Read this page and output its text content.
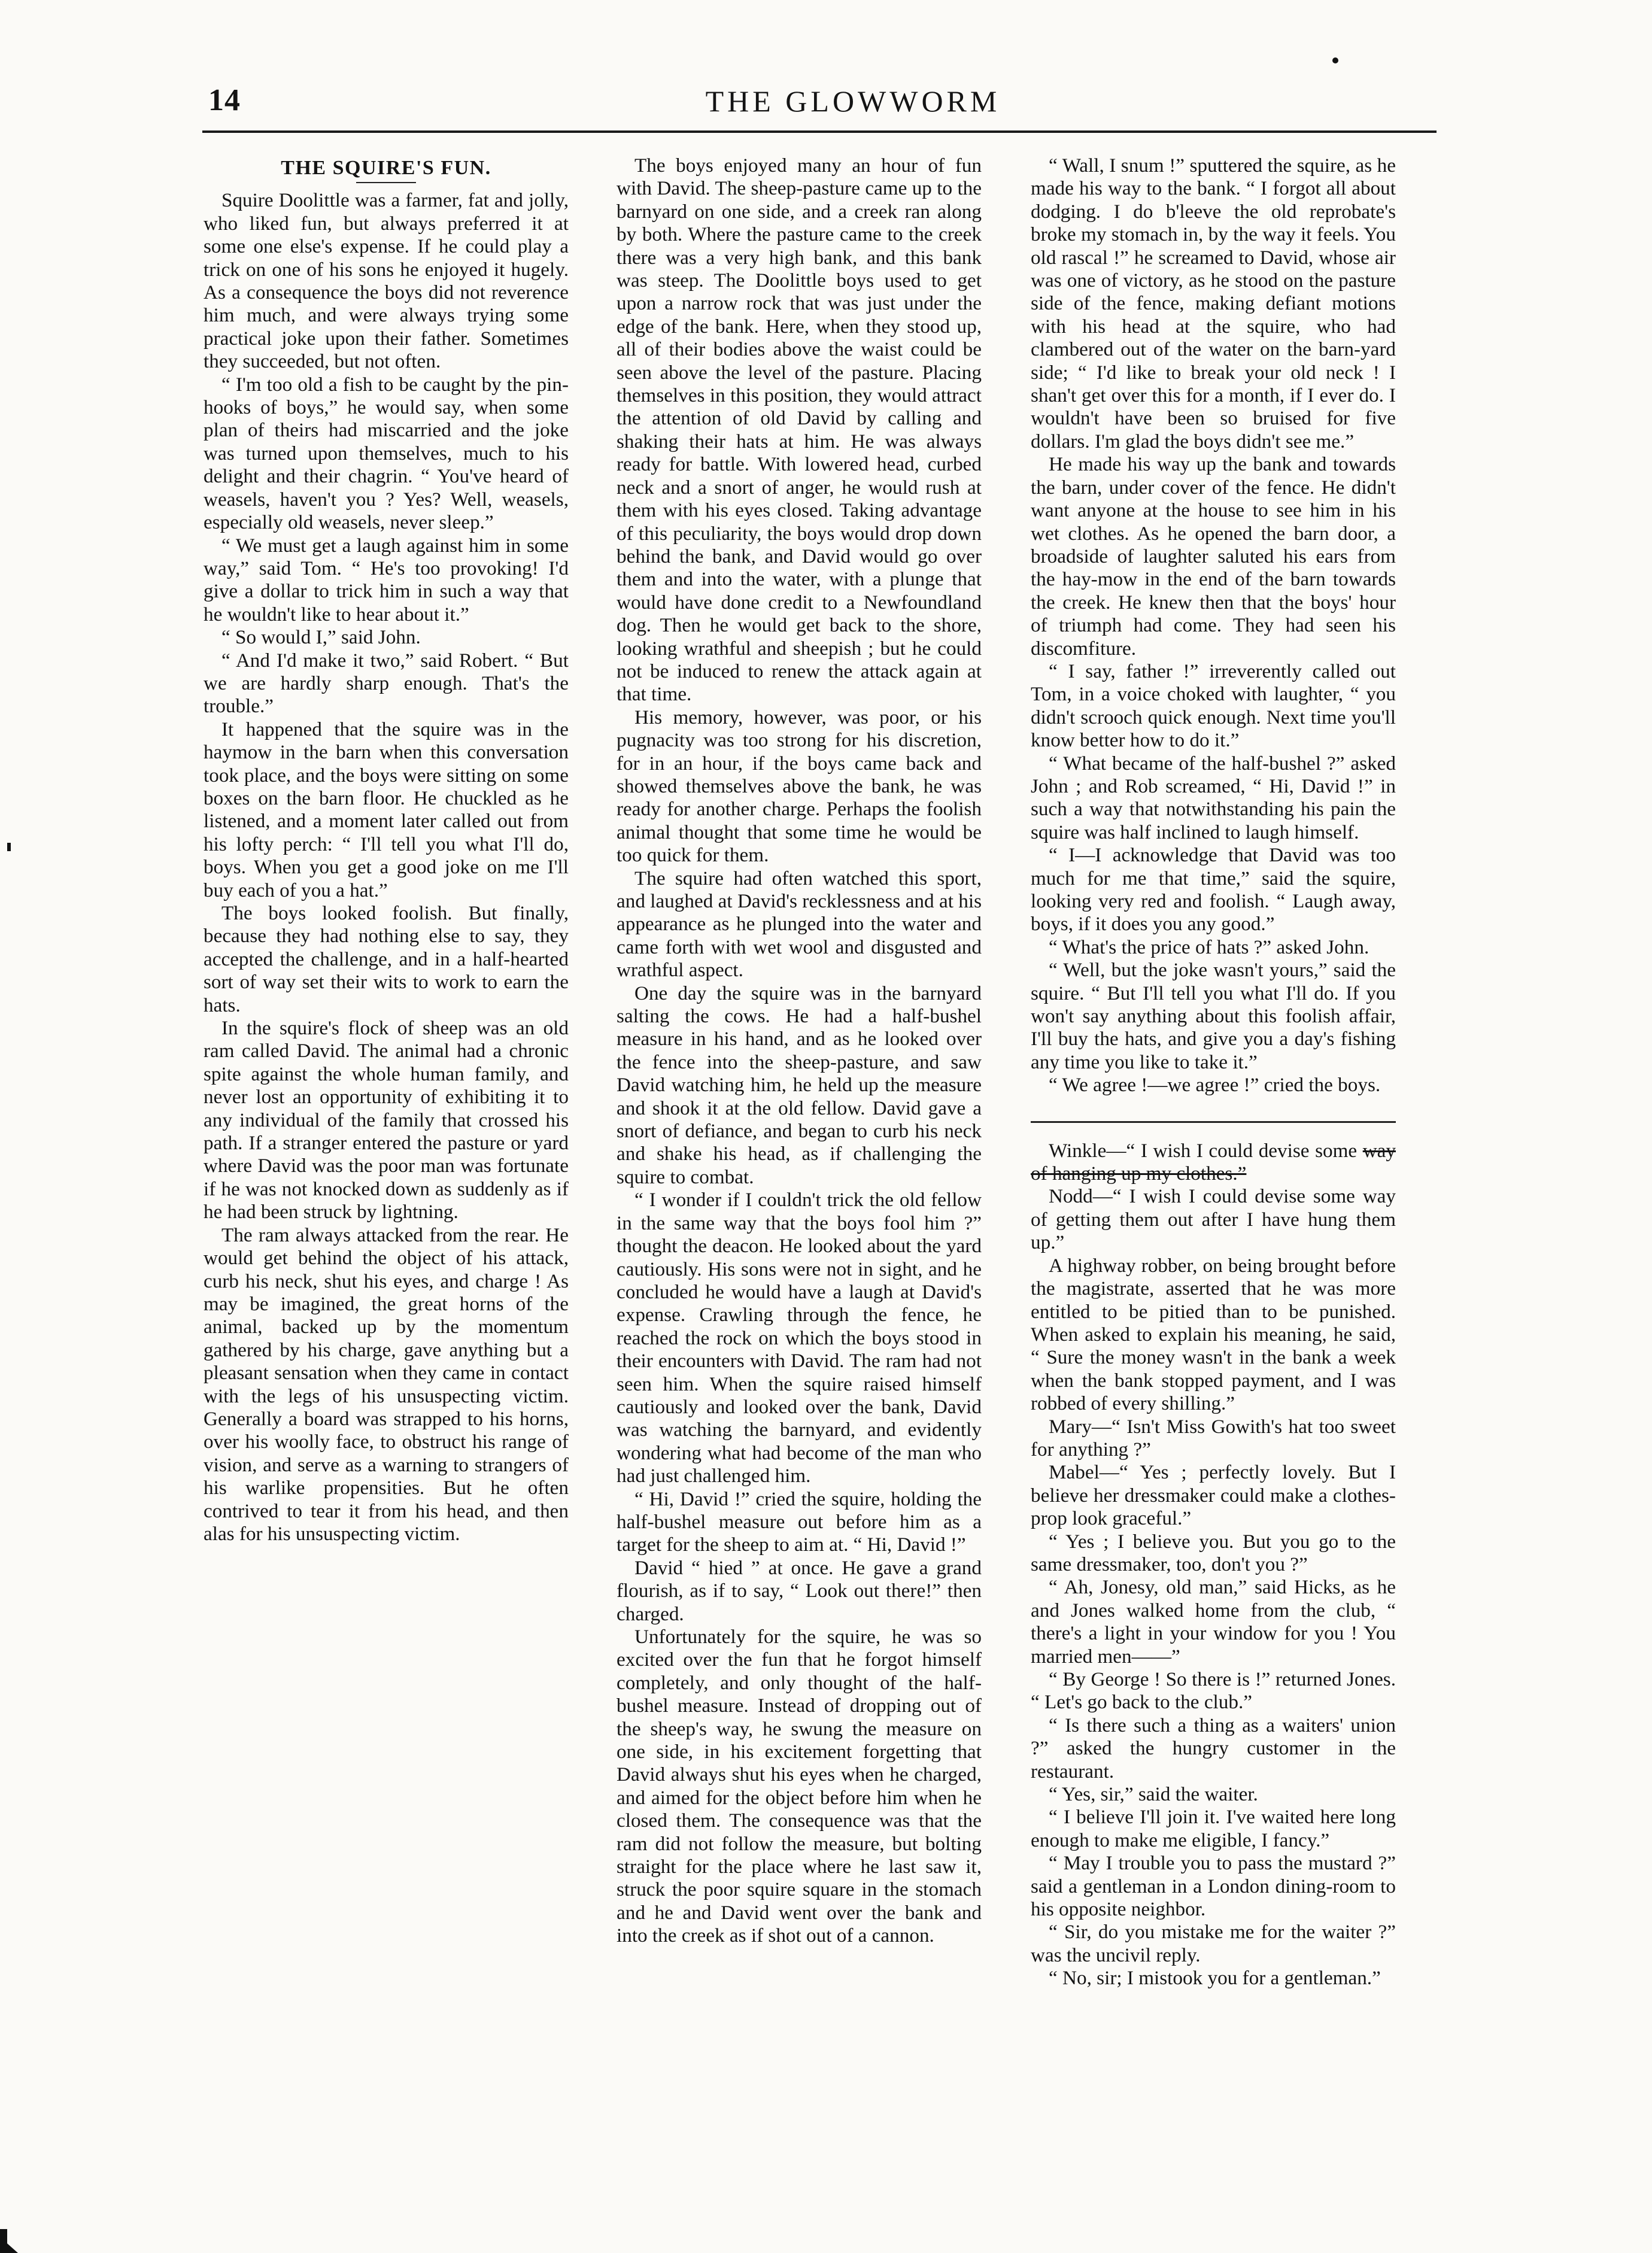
14	THE GLOWWORM
THE SQUIRE'S FUN.

Squire Doolittle was a farmer, fat and jolly, who liked fun, but always preferred it at some one else's expense. If he could play a trick on one of his sons he enjoyed it hugely. As a consequence the boys did not reverence him much, and were always trying some practical joke upon their father. Sometimes they succeeded, but not often.

“ I'm too old a fish to be caught by the pin-hooks of boys,” he would say, when some plan of theirs had miscarried and the joke was turned upon themselves, much to his delight and their chagrin. “ You've heard of weasels, haven't you ? Yes? Well, weasels, especially old weasels, never sleep.”

“ We must get a laugh against him in some way,” said Tom. “ He's too provoking! I'd give a dollar to trick him in such a way that he wouldn't like to hear about it.”

“ So would I,” said John.

“ And I'd make it two,” said Robert. “ But we are hardly sharp enough. That's the trouble.”

It happened that the squire was in the haymow in the barn when this conversation took place, and the boys were sitting on some boxes on the barn floor. He chuckled as he listened, and a moment later called out from his lofty perch: “ I'll tell you what I'll do, boys. When you get a good joke on me I'll buy each of you a hat.”

The boys looked foolish. But finally, because they had nothing else to say, they accepted the challenge, and in a half-hearted sort of way set their wits to work to earn the hats.

In the squire's flock of sheep was an old ram called David. The animal had a chronic spite against the whole human family, and never lost an opportunity of exhibiting it to any individual of the family that crossed his path. If a stranger entered the pasture or yard where David was the poor man was fortunate if he was not knocked down as suddenly as if he had been struck by lightning.

The ram always attacked from the rear. He would get behind the object of his attack, curb his neck, shut his eyes, and charge ! As may be imagined, the great horns of the animal, backed up by the momentum gathered by his charge, gave anything but a pleasant sensation when they came in contact with the legs of his unsuspecting victim. Generally a board was strapped to his horns, over his woolly face, to obstruct his range of vision, and serve as a warning to strangers of his warlike propensities. But he often contrived to tear it from his head, and then alas for his unsuspecting victim.

The boys enjoyed many an hour of fun with David. The sheep-pasture came up to the barnyard on one side, and a creek ran along by both. Where the pasture came to the creek there was a very high bank, and this bank was steep. The Doolittle boys used to get upon a narrow rock that was just under the edge of the bank. Here, when they stood up, all of their bodies above the waist could be seen above the level of the pasture. Placing themselves in this position, they would attract the attention of old David by calling and shaking their hats at him. He was always ready for battle. With lowered head, curbed neck and a snort of anger, he would rush at them with his eyes closed. Taking advantage of this peculiarity, the boys would drop down behind the bank, and David would go over them and into the water, with a plunge that would have done credit to a Newfoundland dog. Then he would get back to the shore, looking wrathful and sheepish ; but he could not be induced to renew the attack again at that time.

His memory, however, was poor, or his pugnacity was too strong for his discretion, for in an hour, if the boys came back and showed themselves above the bank, he was ready for another charge. Perhaps the foolish animal thought that some time he would be too quick for them.

The squire had often watched this sport, and laughed at David's recklessness and at his appearance as he plunged into the water and came forth with wet wool and disgusted and wrathful aspect.

One day the squire was in the barnyard salting the cows. He had a half-bushel measure in his hand, and as he looked over the fence into the sheep-pasture, and saw David watching him, he held up the measure and shook it at the old fellow. David gave a snort of defiance, and began to curb his neck and shake his head, as if challenging the squire to combat.

“ I wonder if I couldn't trick the old fellow in the same way that the boys fool him ?” thought the deacon. He looked about the yard cautiously. His sons were not in sight, and he concluded he would have a laugh at David's expense. Crawling through the fence, he reached the rock on which the boys stood in their encounters with David. The ram had not seen him. When the squire raised himself cautiously and looked over the bank, David was watching the barnyard, and evidently wondering what had become of the man who had just challenged him.

“ Hi, David !” cried the squire, holding the half-bushel measure out before him as a target for the sheep to aim at. “ Hi, David !”

David “ hied ” at once. He gave a grand flourish, as if to say, “ Look out there!” then charged.

Unfortunately for the squire, he was so excited over the fun that he forgot himself completely, and only thought of the half-bushel measure. Instead of dropping out of the sheep's way, he swung the measure on one side, in his excitement forgetting that David always shut his eyes when he charged, and aimed for the object before him when he closed them. The consequence was that the ram did not follow the measure, but bolting straight for the place where he last saw it, struck the poor squire square in the stomach and he and David went over the bank and into the creek as if shot out of a cannon.

“ Wall, I snum !” sputtered the squire, as he made his way to the bank. “ I forgot all about dodging. I do b'leeve the old reprobate's broke my stomach in, by the way it feels. You old rascal !” he screamed to David, whose air was one of victory, as he stood on the pasture side of the fence, making defiant motions with his head at the squire, who had clambered out of the water on the barn-yard side; “ I'd like to break your old neck ! I shan't get over this for a month, if I ever do. I wouldn't have been so bruised for five dollars. I'm glad the boys didn't see me.”

He made his way up the bank and towards the barn, under cover of the fence. He didn't want anyone at the house to see him in his wet clothes. As he opened the barn door, a broadside of laughter saluted his ears from the hay-mow in the end of the barn towards the creek. He knew then that the boys' hour of triumph had come. They had seen his discomfiture.

“ I say, father !” irreverently called out Tom, in a voice choked with laughter, “ you didn't scrooch quick enough. Next time you'll know better how to do it.”

“ What became of the half-bushel ?” asked John ; and Rob screamed, “ Hi, David !” in such a way that notwithstanding his pain the squire was half inclined to laugh himself.

“ I—I acknowledge that David was too much for me that time,” said the squire, looking very red and foolish. “ Laugh away, boys, if it does you any good.”

“ What's the price of hats ?” asked John.

“ Well, but the joke wasn't yours,” said the squire. “ But I'll tell you what I'll do. If you won't say anything about this foolish affair, I'll buy the hats, and give you a day's fishing any time you like to take it.”

“ We agree !—we agree !” cried the boys.

Winkle—“ I wish I could devise some way of hanging up my clothes.”

Nodd—“ I wish I could devise some way of getting them out after I have hung them up.”

A highway robber, on being brought before the magistrate, asserted that he was more entitled to be pitied than to be punished. When asked to explain his meaning, he said, “ Sure the money wasn't in the bank a week when the bank stopped payment, and I was robbed of every shilling.”

Mary—“ Isn't Miss Gowith's hat too sweet for anything ?”

Mabel—“ Yes ; perfectly lovely. But I believe her dressmaker could make a clothes-prop look graceful.”

“ Yes ; I believe you. But you go to the same dressmaker, too, don't you ?”

“ Ah, Jonesy, old man,” said Hicks, as he and Jones walked home from the club, “ there's a light in your window for you ! You married men——”

“ By George ! So there is !” returned Jones. “ Let's go back to the club.”

“ Is there such a thing as a waiters' union ?” asked the hungry customer in the restaurant.

“ Yes, sir,” said the waiter.

“ I believe I'll join it. I've waited here long enough to make me eligible, I fancy.”

“ May I trouble you to pass the mustard ?” said a gentleman in a London dining-room to his opposite neighbor.

“ Sir, do you mistake me for the waiter ?” was the uncivil reply.

“ No, sir; I mistook you for a gentleman.”
